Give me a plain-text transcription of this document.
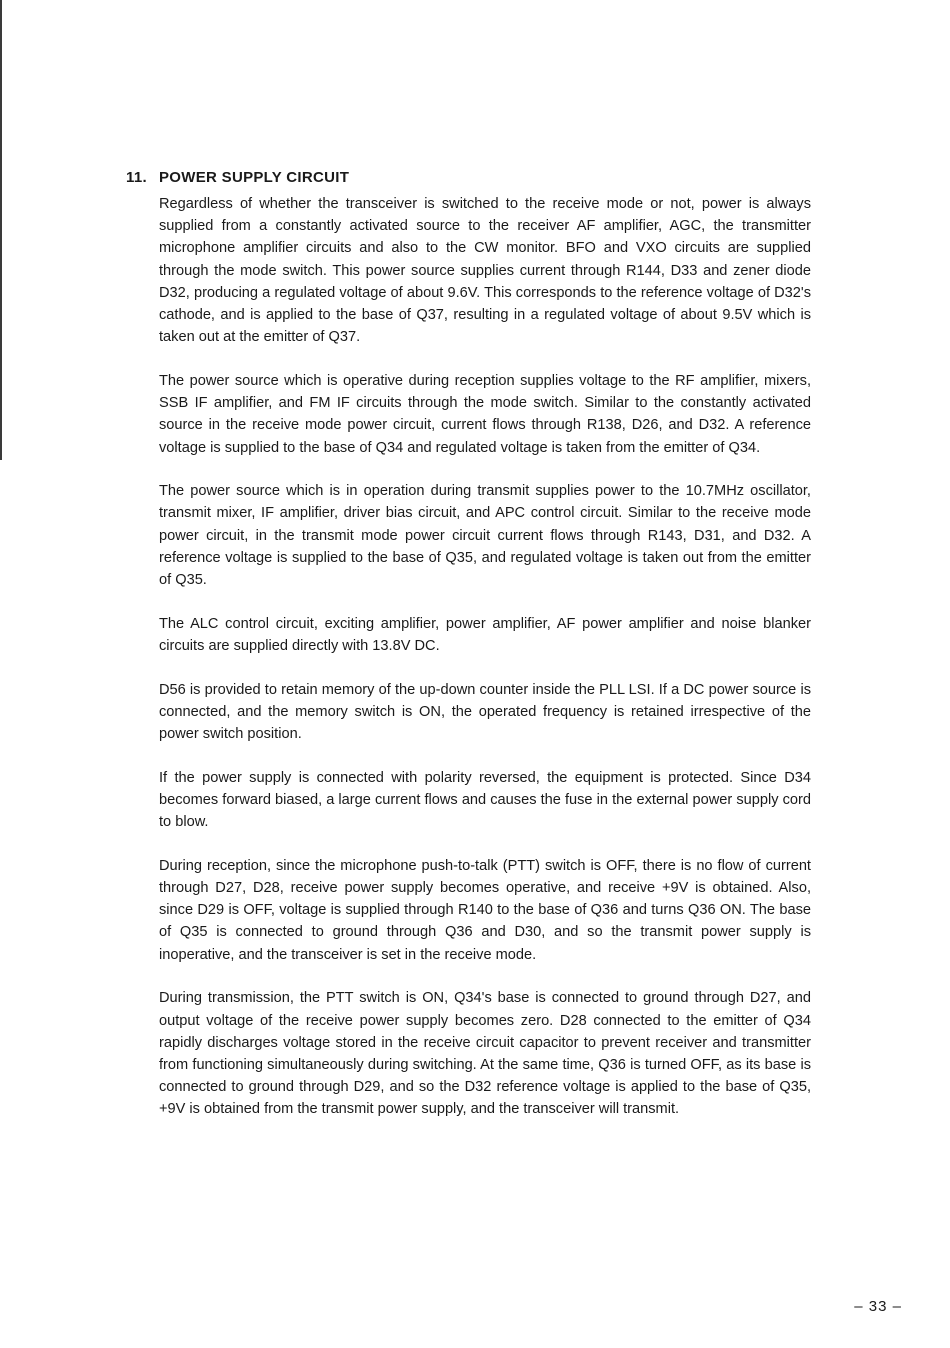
11. POWER SUPPLY CIRCUIT

Regardless of whether the transceiver is switched to the receive mode or not, power is always supplied from a constantly activated source to the receiver AF amplifier, AGC, the transmitter microphone amplifier circuits and also to the CW monitor. BFO and VXO circuits are supplied through the mode switch. This power source supplies current through R144, D33 and zener diode D32, producing a regulated voltage of about 9.6V. This corresponds to the reference voltage of D32's cathode, and is applied to the base of Q37, resulting in a regulated voltage of about 9.5V which is taken out at the emitter of Q37.

The power source which is operative during reception supplies voltage to the RF amplifier, mixers, SSB IF amplifier, and FM IF circuits through the mode switch. Similar to the constantly activated source in the receive mode power circuit, current flows through R138, D26, and D32. A reference voltage is supplied to the base of Q34 and regulated voltage is taken from the emitter of Q34.

The power source which is in operation during transmit supplies power to the 10.7MHz oscillator, transmit mixer, IF amplifier, driver bias circuit, and APC control circuit. Similar to the receive mode power circuit, in the transmit mode power circuit current flows through R143, D31, and D32. A reference voltage is supplied to the base of Q35, and regulated voltage is taken out from the emitter of Q35.

The ALC control circuit, exciting amplifier, power amplifier, AF power amplifier and noise blanker circuits are supplied directly with 13.8V DC.

D56 is provided to retain memory of the up-down counter inside the PLL LSI. If a DC power source is connected, and the memory switch is ON, the operated frequency is retained irrespective of the power switch position.

If the power supply is connected with polarity reversed, the equipment is protected. Since D34 becomes forward biased, a large current flows and causes the fuse in the external power supply cord to blow.

During reception, since the microphone push-to-talk (PTT) switch is OFF, there is no flow of current through D27, D28, receive power supply becomes operative, and receive +9V is obtained. Also, since D29 is OFF, voltage is supplied through R140 to the base of Q36 and turns Q36 ON. The base of Q35 is connected to ground through Q36 and D30, and so the transmit power supply is inoperative, and the transceiver is set in the receive mode.

During transmission, the PTT switch is ON, Q34's base is connected to ground through D27, and output voltage of the receive power supply becomes zero. D28 connected to the emitter of Q34 rapidly discharges voltage stored in the receive circuit capacitor to prevent receiver and transmitter from functioning simultaneously during switching. At the same time, Q36 is turned OFF, as its base is connected to ground through D29, and so the D32 reference voltage is applied to the base of Q35, +9V is obtained from the transmit power supply, and the transceiver will transmit.

– 33 –
